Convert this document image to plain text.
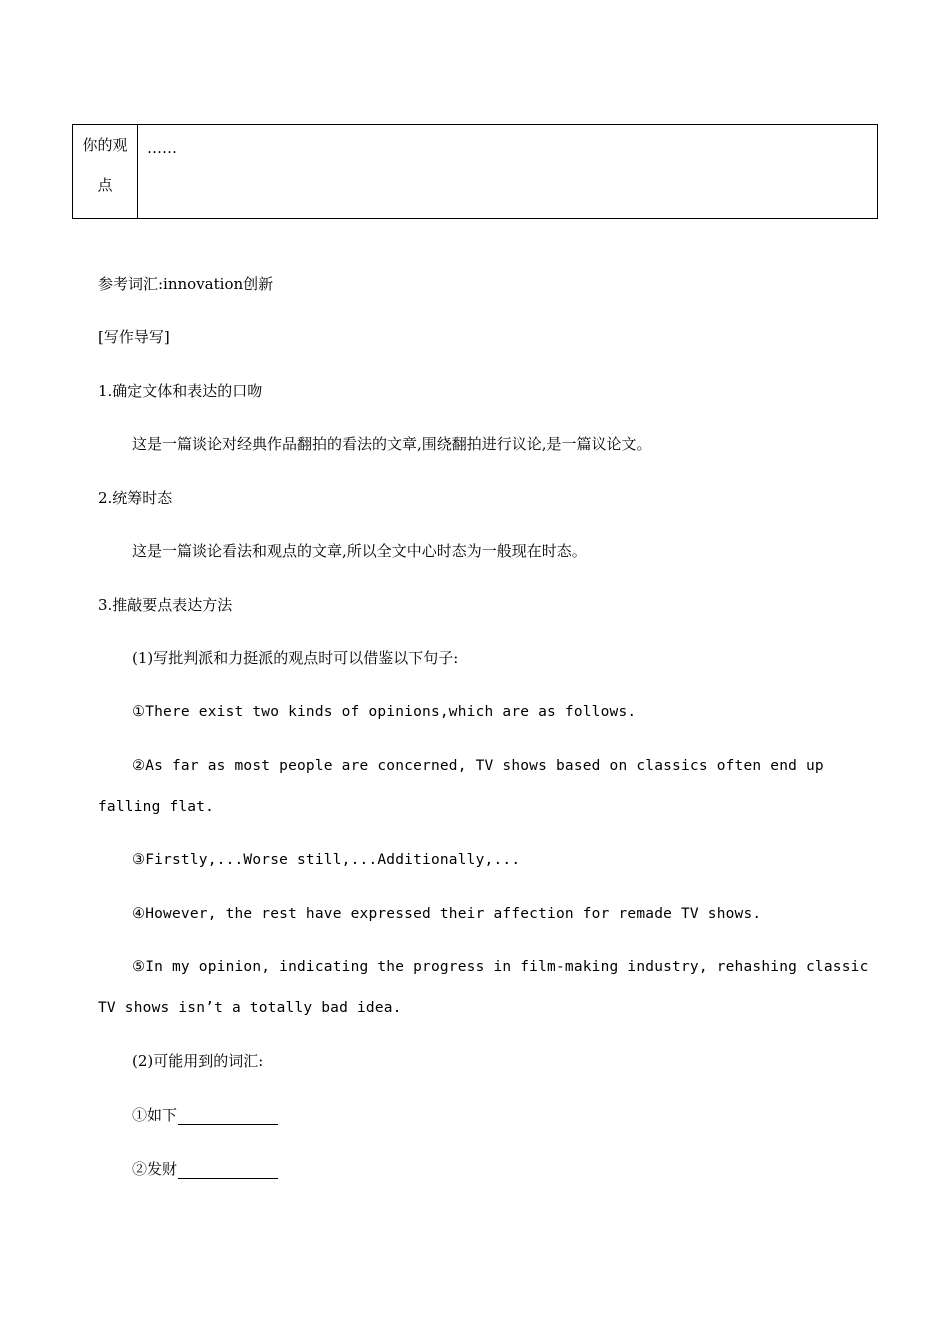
你的观
点
	……
参考词汇:innovation创新
[写作导写]
1.确定文体和表达的口吻
这是一篇谈论对经典作品翻拍的看法的文章,围绕翻拍进行议论,是一篇议论文。
2.统筹时态
这是一篇谈论看法和观点的文章,所以全文中心时态为一般现在时态。
3.推敲要点表达方法
(1)写批判派和力挺派的观点时可以借鉴以下句子:
①There exist two kinds of opinions,which are as follows.
②As far as most people are concerned, TV shows based on classics often end up
falling flat.
③Firstly,...Worse still,...Additionally,...
④However, the rest have expressed their affection for remade TV shows.
⑤In my opinion, indicating the progress in film-making industry, rehashing classic
TV shows isn’t a totally bad idea.
(2)可能用到的词汇:
①如下
②发财
